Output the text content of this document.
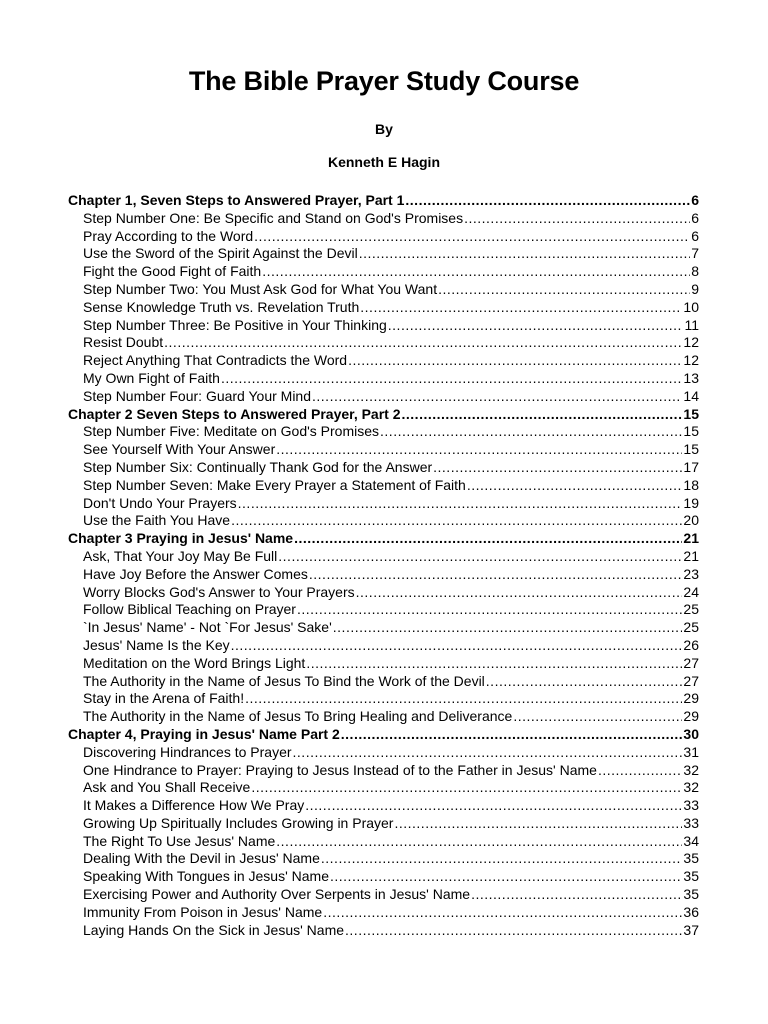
The Bible Prayer Study Course
By
Kenneth E Hagin
Chapter 1, Seven Steps to Answered Prayer, Part 1 .....	6
Step Number One: Be Specific and Stand on God's Promises .....	6
Pray According to the Word .....	6
Use the Sword of the Spirit Against the Devil .....	7
Fight the Good Fight of Faith .....	8
Step Number Two: You Must Ask God for What You Want .....	9
Sense Knowledge Truth vs. Revelation Truth .....	10
Step Number Three: Be Positive in Your Thinking .....	11
Resist Doubt .....	12
Reject Anything That Contradicts the Word .....	12
My Own Fight of Faith .....	13
Step Number Four: Guard Your Mind .....	14
Chapter 2 Seven Steps to Answered Prayer, Part 2 .....	15
Step Number Five: Meditate on God's Promises .....	15
See Yourself With Your Answer .....	15
Step Number Six: Continually Thank God for the Answer .....	17
Step Number Seven: Make Every Prayer a Statement of Faith .....	18
Don't Undo Your Prayers .....	19
Use the Faith You Have .....	20
Chapter 3 Praying in Jesus' Name .....	21
Ask, That Your Joy May Be Full .....	21
Have Joy Before the Answer Comes .....	23
Worry Blocks God's Answer to Your Prayers .....	24
Follow Biblical Teaching on Prayer .....	25
`In Jesus' Name' - Not `For Jesus' Sake' .....	25
Jesus' Name Is the Key .....	26
Meditation on the Word Brings Light .....	27
The Authority in the Name of Jesus To Bind the Work of the Devil .....	27
Stay in the Arena of Faith! .....	29
The Authority in the Name of Jesus To Bring Healing and Deliverance .....	29
Chapter 4, Praying in Jesus' Name Part 2 .....	30
Discovering Hindrances to Prayer .....	31
One Hindrance to Prayer: Praying to Jesus Instead of to the Father in Jesus' Name .....	32
Ask and You Shall Receive .....	32
It Makes a Difference How We Pray .....	33
Growing Up Spiritually Includes Growing in Prayer .....	33
The Right To Use Jesus' Name .....	34
Dealing With the Devil in Jesus' Name .....	35
Speaking With Tongues in Jesus' Name .....	35
Exercising Power and Authority Over Serpents in Jesus' Name .....	35
Immunity From Poison in Jesus' Name .....	36
Laying Hands On the Sick in Jesus' Name .....	37
